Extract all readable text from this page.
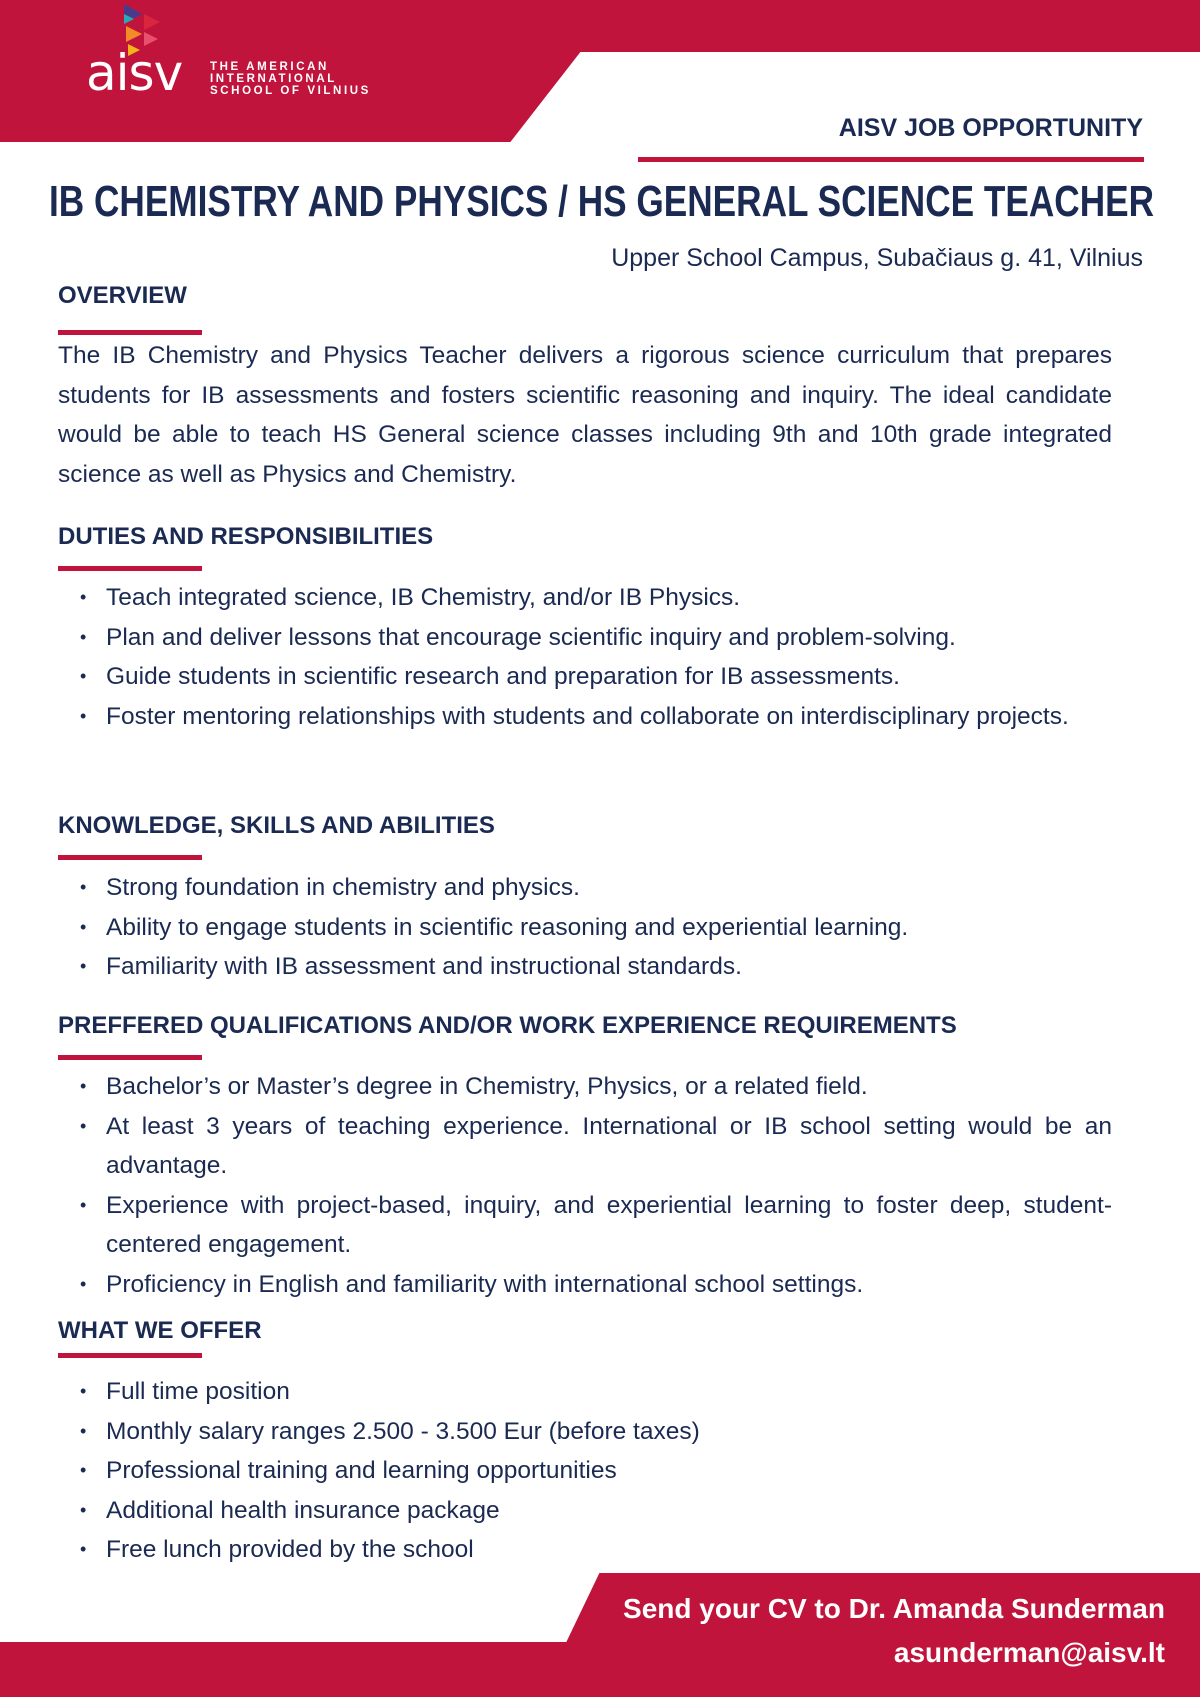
aisv THE AMERICAN
INTERNATIONAL
SCHOOL OF VILNIUS
AISV JOB OPPORTUNITY
IB CHEMISTRY AND PHYSICS / HS GENERAL SCIENCE TEACHER
Upper School Campus, Subačiaus g. 41, Vilnius
OVERVIEW
The IB Chemistry and Physics Teacher delivers a rigorous science curriculum that prepares students for IB assessments and fosters scientific reasoning and inquiry. The ideal candidate would be able to teach HS General science classes including 9th and 10th grade integrated science as well as Physics and Chemistry.
DUTIES AND RESPONSIBILITIES
• Teach integrated science, IB Chemistry, and/or IB Physics.
• Plan and deliver lessons that encourage scientific inquiry and problem-solving.
• Guide students in scientific research and preparation for IB assessments.
• Foster mentoring relationships with students and collaborate on interdisciplinary projects.
KNOWLEDGE, SKILLS AND ABILITIES
• Strong foundation in chemistry and physics.
• Ability to engage students in scientific reasoning and experiential learning.
• Familiarity with IB assessment and instructional standards.
PREFFERED QUALIFICATIONS AND/OR WORK EXPERIENCE REQUIREMENTS
• Bachelor’s or Master’s degree in Chemistry, Physics, or a related field.
• At least 3 years of teaching experience. International or IB school setting would be an advantage.
• Experience with project-based, inquiry, and experiential learning to foster deep, student-centered engagement.
• Proficiency in English and familiarity with international school settings.
WHAT WE OFFER
• Full time position
• Monthly salary ranges 2.500 - 3.500 Eur (before taxes)
• Professional training and learning opportunities
• Additional health insurance package
• Free lunch provided by the school
Send your CV to Dr. Amanda Sunderman
asunderman@aisv.lt
